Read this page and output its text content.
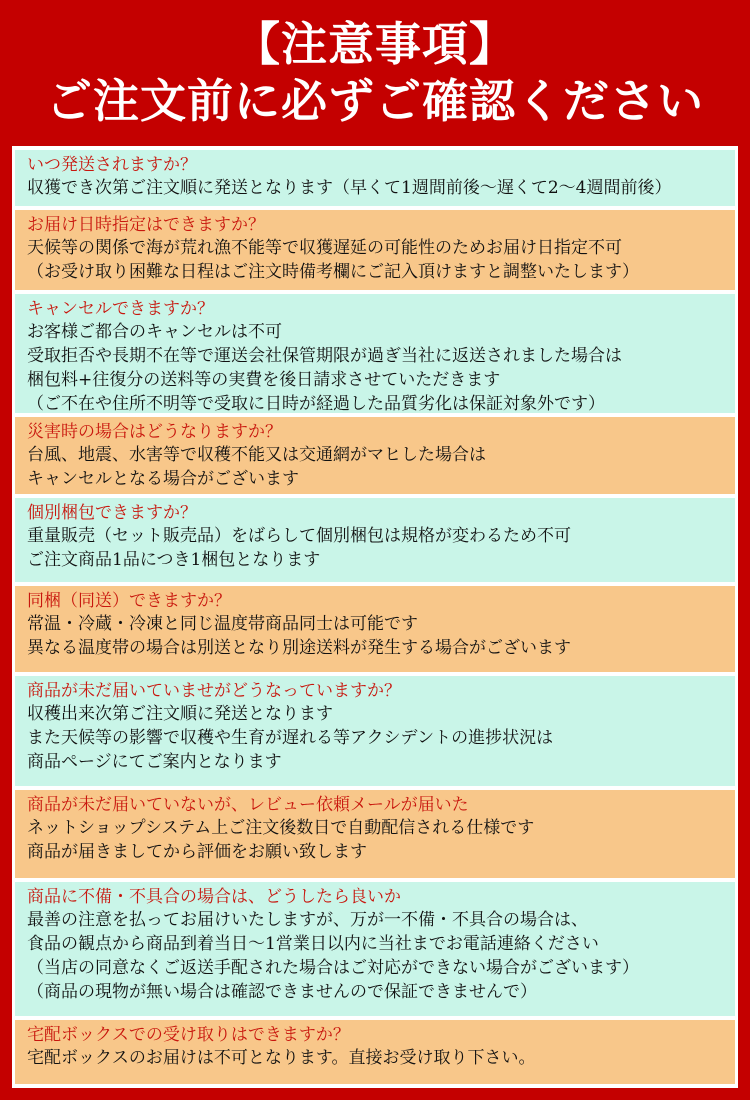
【注意事項】
ご注文前に必ずご確認ください
いつ発送されますか？
収獲でき次第ご注文順に発送となります（早くて1週間前後〜遅くて2〜4週間前後）
お届け日時指定はできますか？
天候等の関係で海が荒れ漁不能等で収獲遅延の可能性のためお届け日指定不可
（お受け取り困難な日程はご注文時備考欄にご記入頂けますと調整いたします）
キャンセルできますか？
お客様ご都合のキャンセルは不可
受取拒否や長期不在等で運送会社保管期限が過ぎ当社に返送されました場合は
梱包料+往復分の送料等の実費を後日請求させていただきます
（ご不在や住所不明等で受取に日時が経過した品質劣化は保証対象外です）
災害時の場合はどうなりますか？
台風、地震、水害等で収穫不能又は交通網がマヒした場合は
キャンセルとなる場合がございます
個別梱包できますか？
重量販売（セット販売品）をばらして個別梱包は規格が変わるため不可
ご注文商品1品につき1梱包となります
同梱（同送）できますか？
常温・冷蔵・冷凍と同じ温度帯商品同士は可能です
異なる温度帯の場合は別送となり別途送料が発生する場合がございます
商品が未だ届いていませがどうなっていますか？
収穫出来次第ご注文順に発送となります
また天候等の影響で収穫や生育が遅れる等アクシデントの進捗状況は
商品ページにてご案内となります
商品が未だ届いていないが、レビュー依頼メールが届いた
ネットショップシステム上ご注文後数日で自動配信される仕様です
商品が届きましてから評価をお願い致します
商品に不備・不具合の場合は、どうしたら良いか
最善の注意を払ってお届けいたしますが、万が一不備・不具合の場合は、
食品の観点から商品到着当日〜1営業日以内に当社までお電話連絡ください
（当店の同意なくご返送手配された場合はご対応ができない場合がございます）
（商品の現物が無い場合は確認できませんので保証できませんで）
宅配ボックスでの受け取りはできますか？
宅配ボックスのお届けは不可となります。直接お受け取り下さい。
